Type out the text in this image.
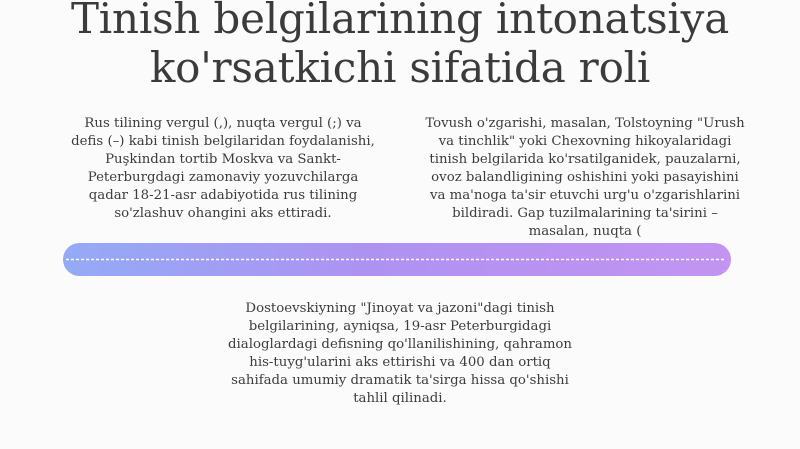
Tinish belgilarining intonatsiya
ko'rsatkichi sifatida roli
Rus tilining vergul (,), nuqta vergul (;) va defis (–) kabi tinish belgilaridan foydalanishi, Puşkindan tortib Moskva va Sankt-Peterburgdagi zamonaviy yozuvchilarga qadar 18-21-asr adabiyotida rus tilining so'zlashuv ohangini aks ettiradi.
Tovush o'zgarishi, masalan, Tolstoyning "Urush va tinchlik" yoki Chexovning hikoyalaridagi tinish belgilarida ko'rsatilganidek, pauzalarni, ovoz balandligining oshishini yoki pasayishini va ma'noga ta'sir etuvchi urg'u o'zgarishlarini bildiradi. Gap tuzilmalarining ta'sirini – masalan, nuqta (
Dostoevskiyning "Jinoyat va jazoni"dagi tinish belgilarining, ayniqsa, 19-asr Peterburgidagi dialoglardagi defisning qo'llanilishining, qahramon his-tuyg'ularini aks ettirishi va 400 dan ortiq sahifada umumiy dramatik ta'sirga hissa qo'shishi tahlil qilinadi.
